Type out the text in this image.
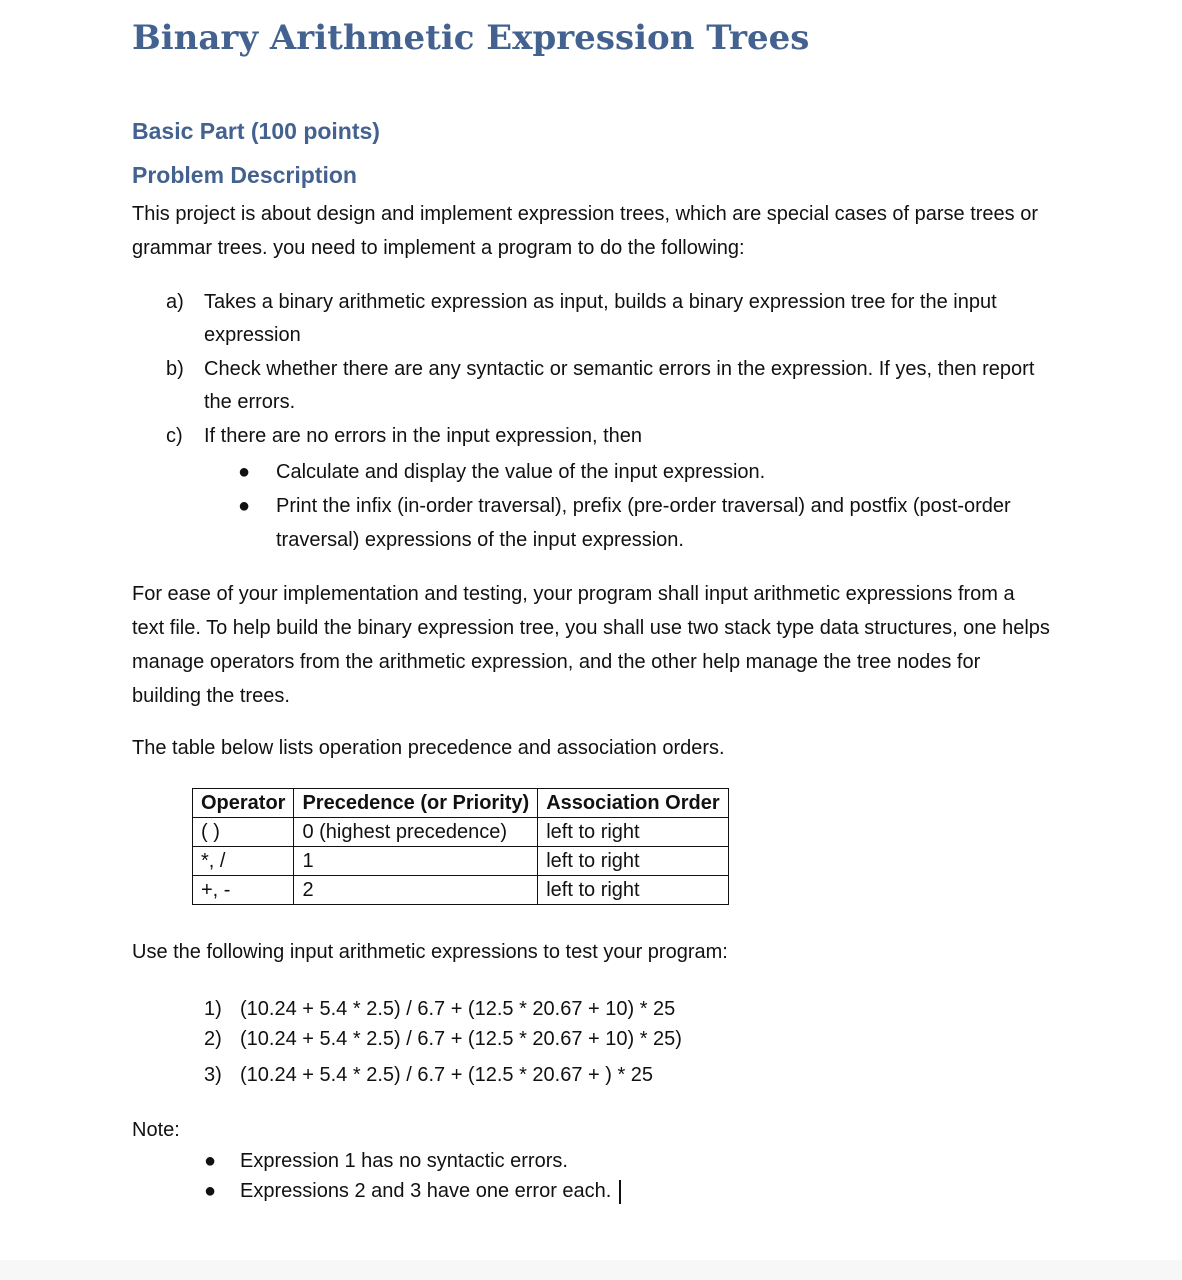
Binary Arithmetic Expression Trees
Basic Part (100 points)
Problem Description

This project is about design and implement expression trees, which are special cases of parse trees or grammar trees. you need to implement a program to do the following:

a) Takes a binary arithmetic expression as input, builds a binary expression tree for the input expression
b) Check whether there are any syntactic or semantic errors in the expression. If yes, then report the errors.
c) If there are no errors in the input expression, then
● Calculate and display the value of the input expression.
● Print the infix (in-order traversal), prefix (pre-order traversal) and postfix (post-order traversal) expressions of the input expression.

For ease of your implementation and testing, your program shall input arithmetic expressions from a text file. To help build the binary expression tree, you shall use two stack type data structures, one helps manage operators from the arithmetic expression, and the other help manage the tree nodes for building the trees.

The table below lists operation precedence and association orders.

Operator	Precedence (or Priority)	Association Order
( )	0 (highest precedence)	left to right
*, /	1	left to right
+, -	2	left to right

Use the following input arithmetic expressions to test your program:

1) (10.24 + 5.4 * 2.5) / 6.7 + (12.5 * 20.67 + 10) * 25
2) (10.24 + 5.4 * 2.5) / 6.7 + (12.5 * 20.67 + 10) * 25)
3) (10.24 + 5.4 * 2.5) / 6.7 + (12.5 * 20.67 + ) * 25

Note:

● Expression 1 has no syntactic errors.
● Expressions 2 and 3 have one error each.
